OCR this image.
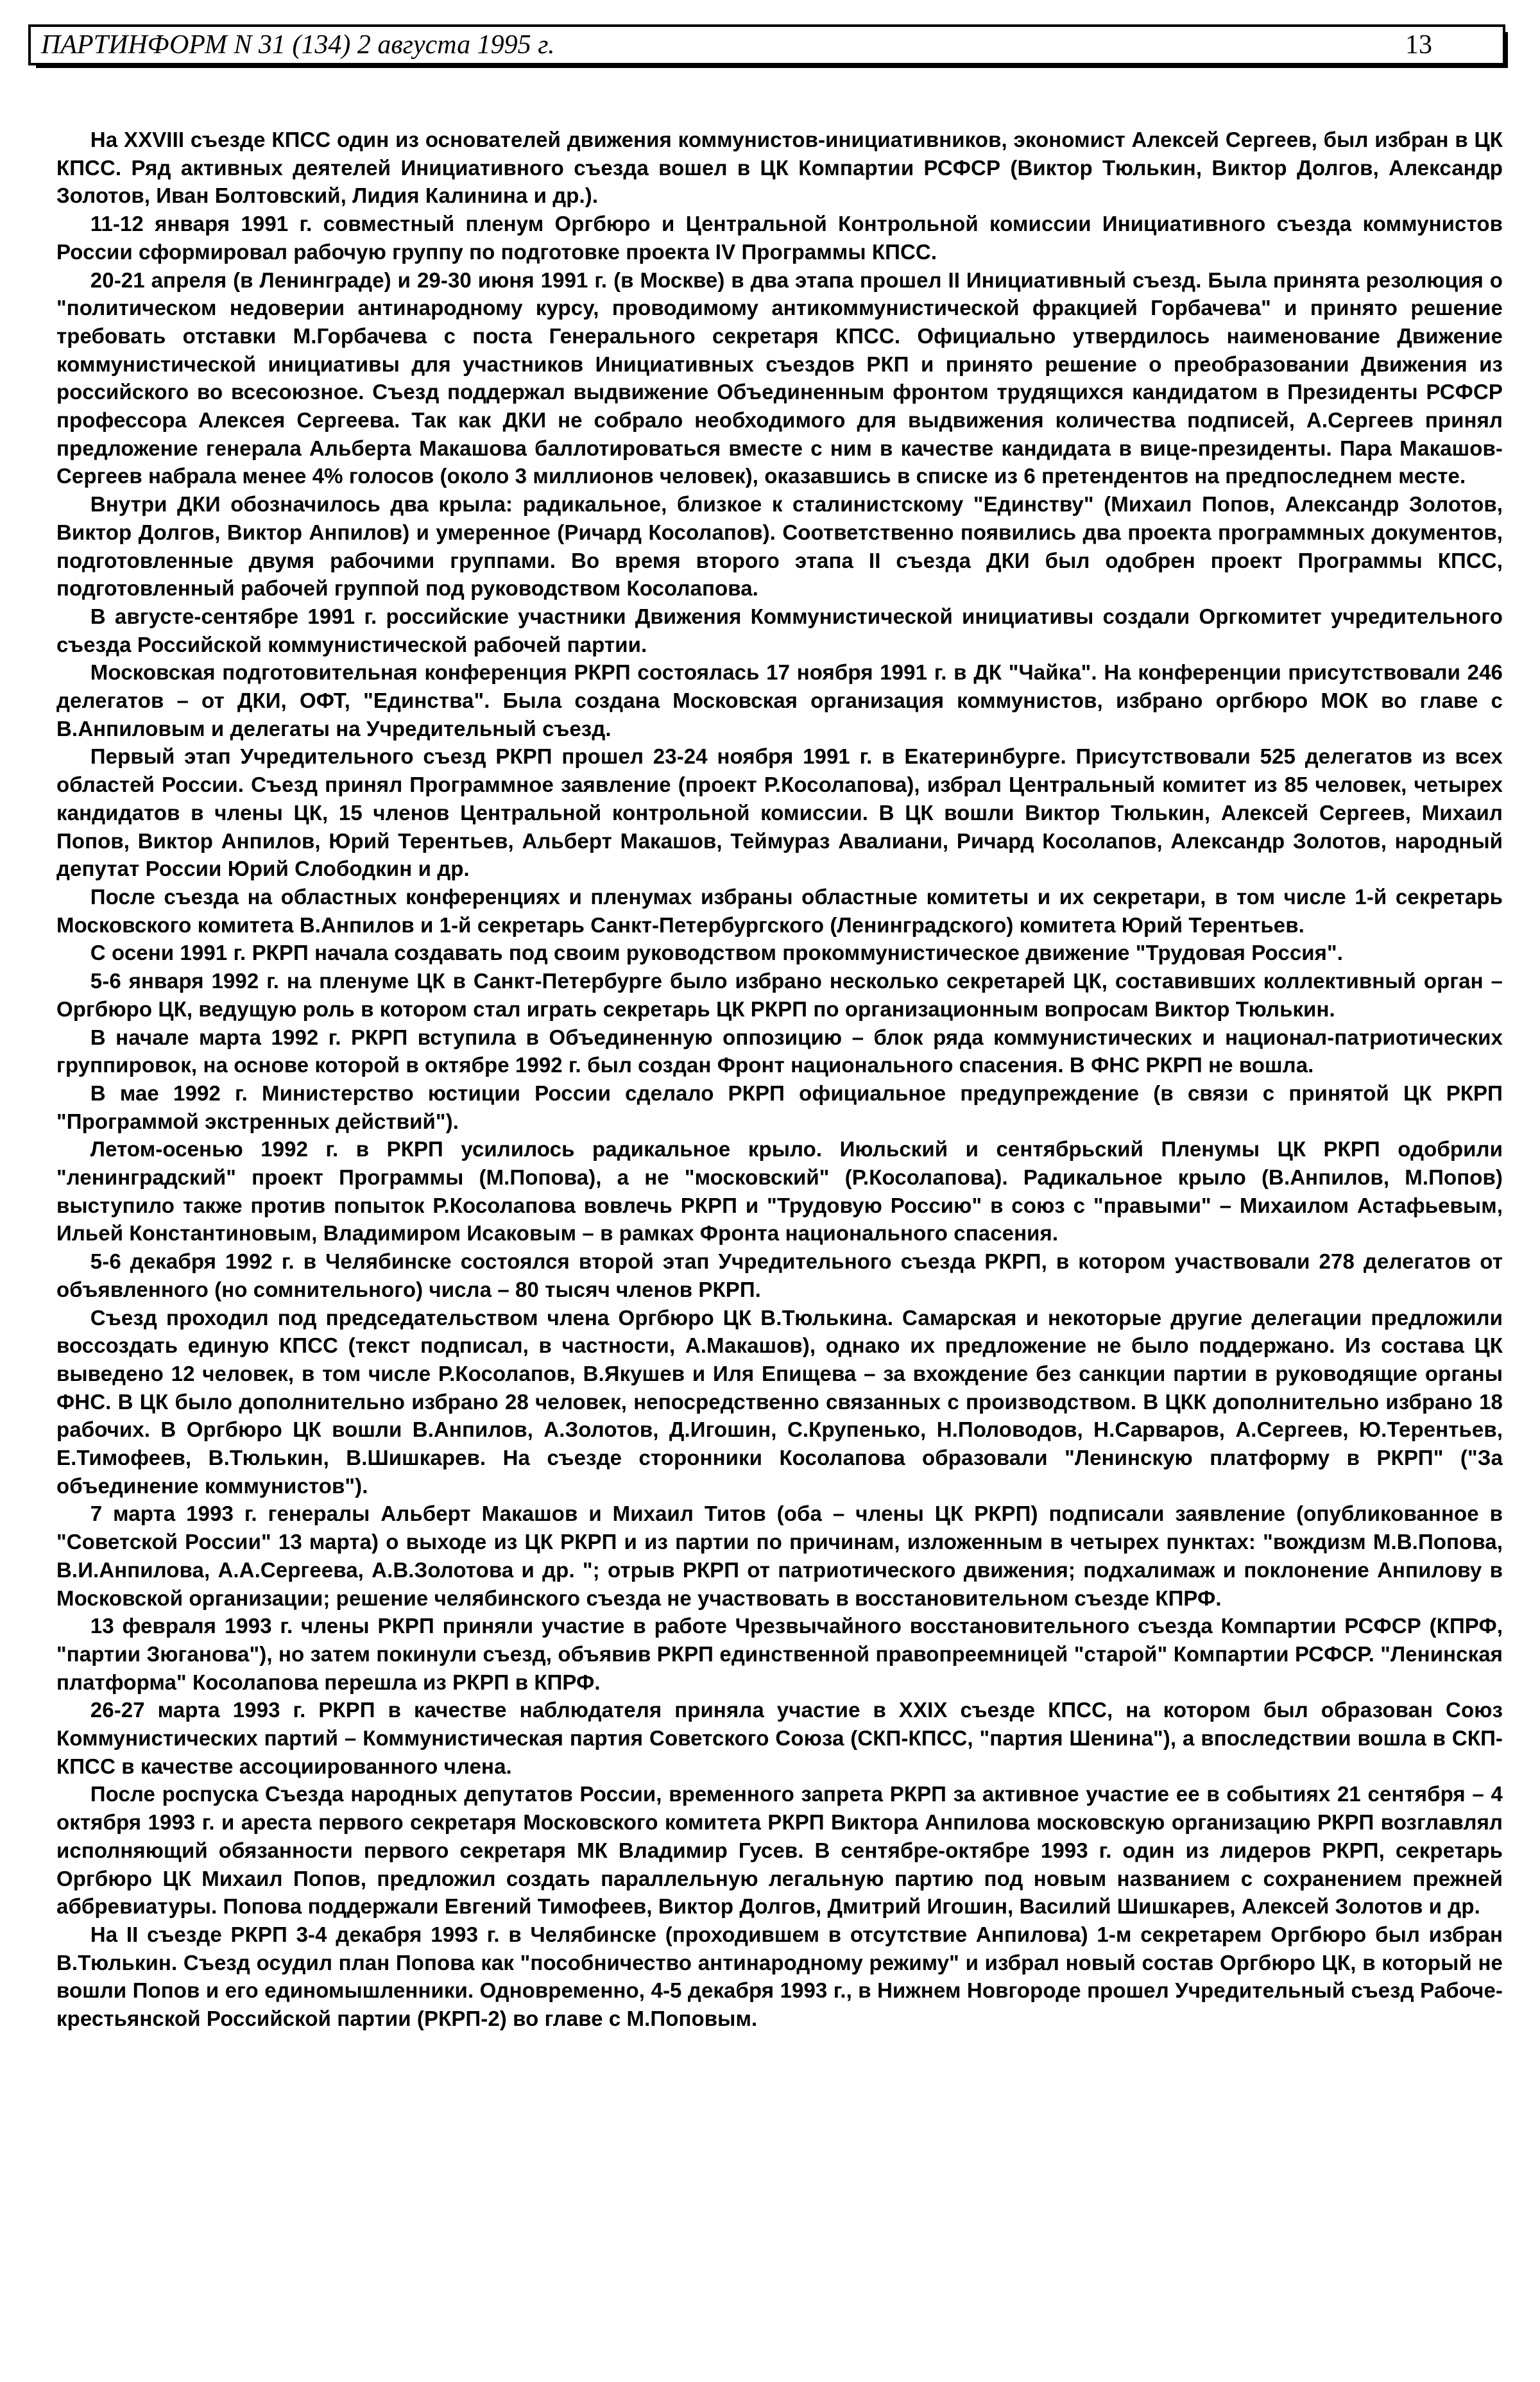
ПАРТИНФОРМ N 31 (134) 2 августа 1995 г.	13

На XXVIII съезде КПСС один из основателей движения коммунистов-инициативников, экономист Алексей Сергеев, был избран в ЦК КПСС. Ряд активных деятелей Инициативного съезда вошел в ЦК Компартии РСФСР (Виктор Тюлькин, Виктор Долгов, Александр Золотов, Иван Болтовский, Лидия Калинина и др.).

11-12 января 1991 г. совместный пленум Оргбюро и Центральной Контрольной комиссии Инициативного съезда коммунистов России сформировал рабочую группу по подготовке проекта IV Программы КПСС.

20-21 апреля (в Ленинграде) и 29-30 июня 1991 г. (в Москве) в два этапа прошел II Инициативный съезд. Была принята резолюция о "политическом недоверии антинародному курсу, проводимому антикоммунистической фракцией Горбачева" и принято решение требовать отставки М.Горбачева с поста Генерального секретаря КПСС. Официально утвердилось наименование Движение коммунистической инициативы для участников Инициативных съездов РКП и принято решение о преобразовании Движения из российского во всесоюзное. Съезд поддержал выдвижение Объединенным фронтом трудящихся кандидатом в Президенты РСФСР профессора Алексея Сергеева. Так как ДКИ не собрало необходимого для выдвижения количества подписей, А.Сергеев принял предложение генерала Альберта Макашова баллотироваться вместе с ним в качестве кандидата в вице-президенты. Пара Макашов-Сергеев набрала менее 4% голосов (около 3 миллионов человек), оказавшись в списке из 6 претендентов на предпоследнем месте.

Внутри ДКИ обозначилось два крыла: радикальное, близкое к сталинистскому "Единству" (Михаил Попов, Александр Золотов, Виктор Долгов, Виктор Анпилов) и умеренное (Ричард Косолапов). Соответственно появились два проекта программных документов, подготовленные двумя рабочими группами. Во время второго этапа II съезда ДКИ был одобрен проект Программы КПСС, подготовленный рабочей группой под руководством Косолапова.

В августе-сентябре 1991 г. российские участники Движения Коммунистической инициативы создали Оргкомитет учредительного съезда Российской коммунистической рабочей партии.

Московская подготовительная конференция РКРП состоялась 17 ноября 1991 г. в ДК "Чайка". На конференции присутствовали 246 делегатов – от ДКИ, ОФТ, "Единства". Была создана Московская организация коммунистов, избрано оргбюро МОК во главе с В.Анпиловым и делегаты на Учредительный съезд.

Первый этап Учредительного съезд РКРП прошел 23-24 ноября 1991 г. в Екатеринбурге. Присутствовали 525 делегатов из всех областей России. Съезд принял Программное заявление (проект Р.Косолапова), избрал Центральный комитет из 85 человек, четырех кандидатов в члены ЦК, 15 членов Центральной контрольной комиссии. В ЦК вошли Виктор Тюлькин, Алексей Сергеев, Михаил Попов, Виктор Анпилов, Юрий Терентьев, Альберт Макашов, Теймураз Авалиани, Ричард Косолапов, Александр Золотов, народный депутат России Юрий Слободкин и др.

После съезда на областных конференциях и пленумах избраны областные комитеты и их секретари, в том числе 1-й секретарь Московского комитета В.Анпилов и 1-й секретарь Санкт-Петербургского (Ленинградского) комитета Юрий Терентьев.

С осени 1991 г. РКРП начала создавать под своим руководством прокоммунистическое движение "Трудовая Россия".

5-6 января 1992 г. на пленуме ЦК в Санкт-Петербурге было избрано несколько секретарей ЦК, составивших коллективный орган – Оргбюро ЦК, ведущую роль в котором стал играть секретарь ЦК РКРП по организационным вопросам Виктор Тюлькин.

В начале марта 1992 г. РКРП вступила в Объединенную оппозицию – блок ряда коммунистических и национал-патриотических группировок, на основе которой в октябре 1992 г. был создан Фронт национального спасения. В ФНС РКРП не вошла.

В мае 1992 г. Министерство юстиции России сделало РКРП официальное предупреждение (в связи с принятой ЦК РКРП "Программой экстренных действий").

Летом-осенью 1992 г. в РКРП усилилось радикальное крыло. Июльский и сентябрьский Пленумы ЦК РКРП одобрили "ленинградский" проект Программы (М.Попова), а не "московский" (Р.Косолапова). Радикальное крыло (В.Анпилов, М.Попов) выступило также против попыток Р.Косолапова вовлечь РКРП и "Трудовую Россию" в союз с "правыми" – Михаилом Астафьевым, Ильей Константиновым, Владимиром Исаковым – в рамках Фронта национального спасения.

5-6 декабря 1992 г. в Челябинске состоялся второй этап Учредительного съезда РКРП, в котором участвовали 278 делегатов от объявленного (но сомнительного) числа – 80 тысяч членов РКРП.

Съезд проходил под председательством члена Оргбюро ЦК В.Тюлькина. Самарская и некоторые другие делегации предложили воссоздать единую КПСС (текст подписал, в частности, А.Макашов), однако их предложение не было поддержано. Из состава ЦК выведено 12 человек, в том числе Р.Косолапов, В.Якушев и Иля Епищева – за вхождение без санкции партии в руководящие органы ФНС. В ЦК было дополнительно избрано 28 человек, непосредственно связанных с производством. В ЦКК дополнительно избрано 18 рабочих. В Оргбюро ЦК вошли В.Анпилов, А.Золотов, Д.Игошин, С.Крупенько, Н.Половодов, Н.Сарваров, А.Сергеев, Ю.Терентьев, Е.Тимофеев, В.Тюлькин, В.Шишкарев. На съезде сторонники Косолапова образовали "Ленинскую платформу в РКРП" ("За объединение коммунистов").

7 марта 1993 г. генералы Альберт Макашов и Михаил Титов (оба – члены ЦК РКРП) подписали заявление (опубликованное в "Советской России" 13 марта) о выходе из ЦК РКРП и из партии по причинам, изложенным в четырех пунктах: "вождизм М.В.Попова, В.И.Анпилова, А.А.Сергеева, А.В.Золотова и др. "; отрыв РКРП от патриотического движения; подхалимаж и поклонение Анпилову в Московской организации; решение челябинского съезда не участвовать в восстановительном съезде КПРФ.

13 февраля 1993 г. члены РКРП приняли участие в работе Чрезвычайного восстановительного съезда Компартии РСФСР (КПРФ, "партии Зюганова"), но затем покинули съезд, объявив РКРП единственной правопреемницей "старой" Компартии РСФСР. "Ленинская платформа" Косолапова перешла из РКРП в КПРФ.

26-27 марта 1993 г. РКРП в качестве наблюдателя приняла участие в XXIX съезде КПСС, на котором был образован Союз Коммунистических партий – Коммунистическая партия Советского Союза (СКП-КПСС, "партия Шенина"), а впоследствии вошла в СКП-КПСС в качестве ассоциированного члена.

После роспуска Съезда народных депутатов России, временного запрета РКРП за активное участие ее в событиях 21 сентября – 4 октября 1993 г. и ареста первого секретаря Московского комитета РКРП Виктора Анпилова московскую организацию РКРП возглавлял исполняющий обязанности первого секретаря МК Владимир Гусев. В сентябре-октябре 1993 г. один из лидеров РКРП, секретарь Оргбюро ЦК Михаил Попов, предложил создать параллельную легальную партию под новым названием с сохранением прежней аббревиатуры. Попова поддержали Евгений Тимофеев, Виктор Долгов, Дмитрий Игошин, Василий Шишкарев, Алексей Золотов и др.

На II съезде РКРП 3-4 декабря 1993 г. в Челябинске (проходившем в отсутствие Анпилова) 1-м секретарем Оргбюро был избран В.Тюлькин. Съезд осудил план Попова как "пособничество антинародному режиму" и избрал новый состав Оргбюро ЦК, в который не вошли Попов и его единомышленники. Одновременно, 4-5 декабря 1993 г., в Нижнем Новгороде прошел Учредительный съезд Рабоче-крестьянской Российской партии (РКРП-2) во главе с М.Поповым.
